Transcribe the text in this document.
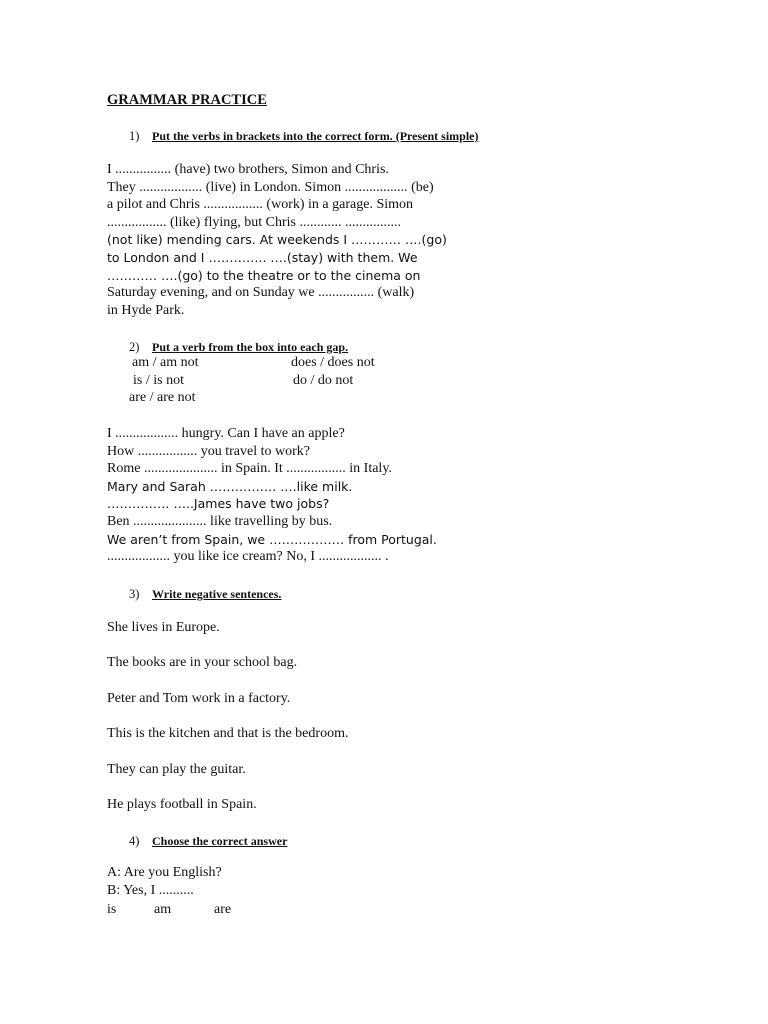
GRAMMAR PRACTICE
1) Put the verbs in brackets into the correct form. (Present simple)
I ................ (have) two brothers, Simon and Chris.
They .................. (live) in London. Simon .................. (be)
a pilot and Chris ................. (work) in a garage. Simon
................. (like) flying, but Chris ............ ................
(not like) mending cars. At weekends I ………… ….(go)
to London and I ………….. ….(stay) with them. We
………… ….(go) to the theatre or to the cinema on
Saturday evening, and on Sunday we ................ (walk)
in Hyde Park.
2) Put a verb from the box into each gap.
am / am not
is / is not
are / are not
does / does not
do / do not
I .................. hungry. Can I have an apple?
How ................. you travel to work?
Rome ..................... in Spain. It ................. in Italy.
Mary and Sarah ……………. ….like milk.
…………… …..James have two jobs?
Ben ..................... like travelling by bus.
We aren’t from Spain, we ……………… from Portugal.
.................. you like ice cream? No, I .................. .
3) Write negative sentences.
She lives in Europe.
The books are in your school bag.
Peter and Tom work in a factory.
This is the kitchen and that is the bedroom.
They can play the guitar.
He plays football in Spain.
4) Choose the correct answer
A: Are you English?
B: Yes, I ..........
is	am	are
